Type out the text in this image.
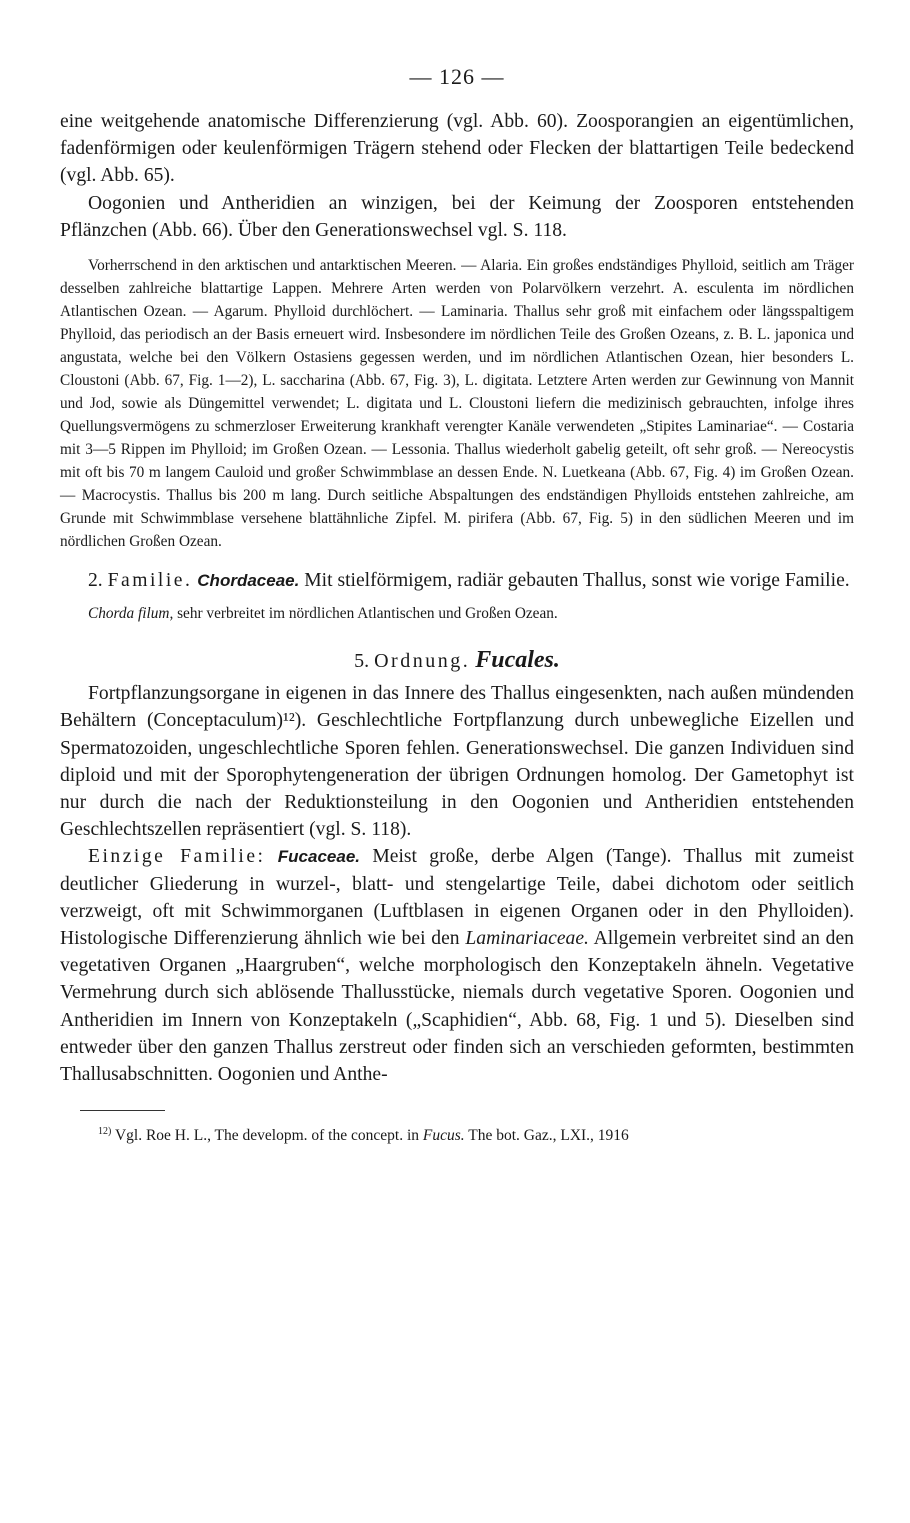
— 126 —

eine weitgehende anatomische Differenzierung (vgl. Abb. 60). Zoosporangien an eigentümlichen, fadenförmigen oder keulenförmigen Trägern stehend oder Flecken der blattartigen Teile bedeckend (vgl. Abb. 65).

Oogonien und Antheridien an winzigen, bei der Keimung der Zoosporen entstehenden Pflänzchen (Abb. 66). Über den Generationswechsel vgl. S. 118.

Vorherrschend in den arktischen und antarktischen Meeren. — Alaria. Ein großes endständiges Phylloid, seitlich am Träger desselben zahlreiche blattartige Lappen. Mehrere Arten werden von Polarvölkern verzehrt. A. esculenta im nördlichen Atlantischen Ozean. — Agarum. Phylloid durchlöchert. — Laminaria. Thallus sehr groß mit einfachem oder längsspaltigem Phylloid, das periodisch an der Basis erneuert wird. Insbesondere im nördlichen Teile des Großen Ozeans, z. B. L. japonica und angustata, welche bei den Völkern Ostasiens gegessen werden, und im nördlichen Atlantischen Ozean, hier besonders L. Cloustoni (Abb. 67, Fig. 1—2), L. saccharina (Abb. 67, Fig. 3), L. digitata. Letztere Arten werden zur Gewinnung von Mannit und Jod, sowie als Düngemittel verwendet; L. digitata und L. Cloustoni liefern die medizinisch gebrauchten, infolge ihres Quellungsvermögens zu schmerzloser Erweiterung krankhaft verengter Kanäle verwendeten „Stipites Laminariae“. — Costaria mit 3—5 Rippen im Phylloid; im Großen Ozean. — Lessonia. Thallus wiederholt gabelig geteilt, oft sehr groß. — Nereocystis mit oft bis 70 m langem Cauloid und großer Schwimmblase an dessen Ende. N. Luetkeana (Abb. 67, Fig. 4) im Großen Ozean. — Macrocystis. Thallus bis 200 m lang. Durch seitliche Abspaltungen des endständigen Phylloids entstehen zahlreiche, am Grunde mit Schwimmblase versehene blattähnliche Zipfel. M. pirifera (Abb. 67, Fig. 5) in den südlichen Meeren und im nördlichen Großen Ozean.

2. Familie. Chordaceae. Mit stielförmigem, radiär gebauten Thallus, sonst wie vorige Familie.

Chorda filum, sehr verbreitet im nördlichen Atlantischen und Großen Ozean.

5. Ordnung. Fucales.

Fortpflanzungsorgane in eigenen in das Innere des Thallus eingesenkten, nach außen mündenden Behältern (Conceptaculum)¹²). Geschlechtliche Fortpflanzung durch unbewegliche Eizellen und Spermatozoiden, ungeschlechtliche Sporen fehlen. Generationswechsel. Die ganzen Individuen sind diploid und mit der Sporophytengeneration der übrigen Ordnungen homolog. Der Gametophyt ist nur durch die nach der Reduktionsteilung in den Oogonien und Antheridien entstehenden Geschlechtszellen repräsentiert (vgl. S. 118).

Einzige Familie: Fucaceae. Meist große, derbe Algen (Tange). Thallus mit zumeist deutlicher Gliederung in wurzel-, blatt- und stengelartige Teile, dabei dichotom oder seitlich verzweigt, oft mit Schwimmorganen (Luftblasen in eigenen Organen oder in den Phylloiden). Histologische Differenzierung ähnlich wie bei den Laminariaceae. Allgemein verbreitet sind an den vegetativen Organen „Haargruben“, welche morphologisch den Konzeptakeln ähneln. Vegetative Vermehrung durch sich ablösende Thallusstücke, niemals durch vegetative Sporen. Oogonien und Antheridien im Innern von Konzeptakeln („Scaphidien“, Abb. 68, Fig. 1 und 5). Dieselben sind entweder über den ganzen Thallus zerstreut oder finden sich an verschieden geformten, bestimmten Thallusabschnitten. Oogonien und Anthe-

$^{12)}$ Vgl. Roe H. L., The developm. of the concept. in Fucus. The bot. Gaz., LXI., 1916
